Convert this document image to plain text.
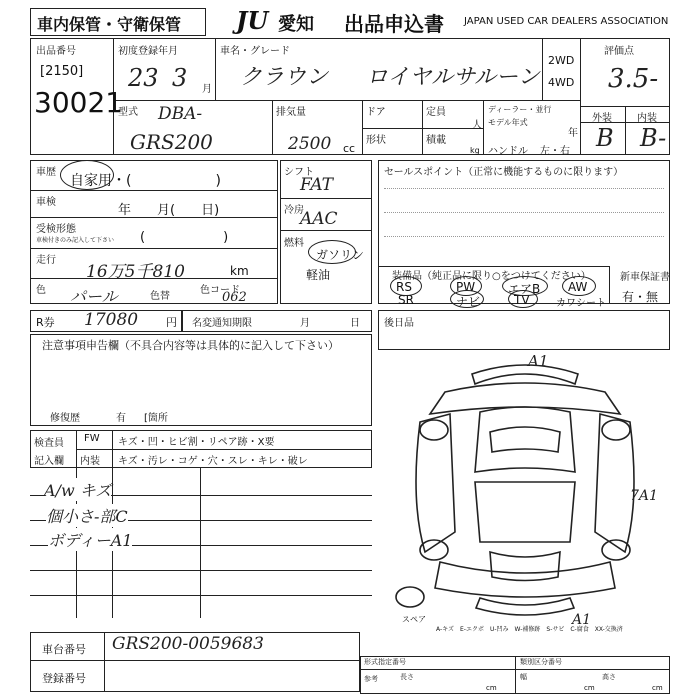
車内保管・守衛保管 JU 愛知 出品申込書 JAPAN USED CAR DEALERS ASSOCIATION
出品番号
[2150]
30021
初度登録年月
23 3 月
車名・グレード
クラウン ロイヤルサルーン
2WD
4WD
評価点
3.5-
外装	内装
B B-
型式 DBA-
GRS200
排気量
2500 cc
ドア	定員
人
形状	積載
kg
ディーラー・並行
モデル年式
年
ハンドル 左・右
車歴
自家用・(　　　　　　)
車検
年　　月(　　日)
受検形態
車検付きのみ記入して下さい (　　　　　　)
走行
16万5千810	km
色 パール	色替
色コード
062
シフト
FAT
冷房
AAC
燃料
ガソリン
軽油
セールスポイント（正常に機能するものに限ります）
装備品（純正品に限り○をつけてください）
RS	PW	エアB AW
SR	ナビ	TV	カワシート
新車保証書
有・無
R券 17080	円 名変通知期限	月	日 後日品
注意事項申告欄（不具合内容等は具体的に記入して下さい）
修復歴	有 [箇所
検査員
記入欄
FW キズ・凹・ヒビ割・リペア跡・X要
内装 キズ・汚レ・コゲ・穴・スレ・キレ・破レ
A/w キズ
個小さ-部C
ボディーA1
A1
7A1
A1
スペア
A-キズ　E-エクボ　U-凹み　W-補修跡　S-サビ　C-腐食　XX-交換済
車台番号 GRS200-0059683
登録番号
形式指定番号	類別区分番号
参考	長さ
cm
幅
cm
高さ
cm
